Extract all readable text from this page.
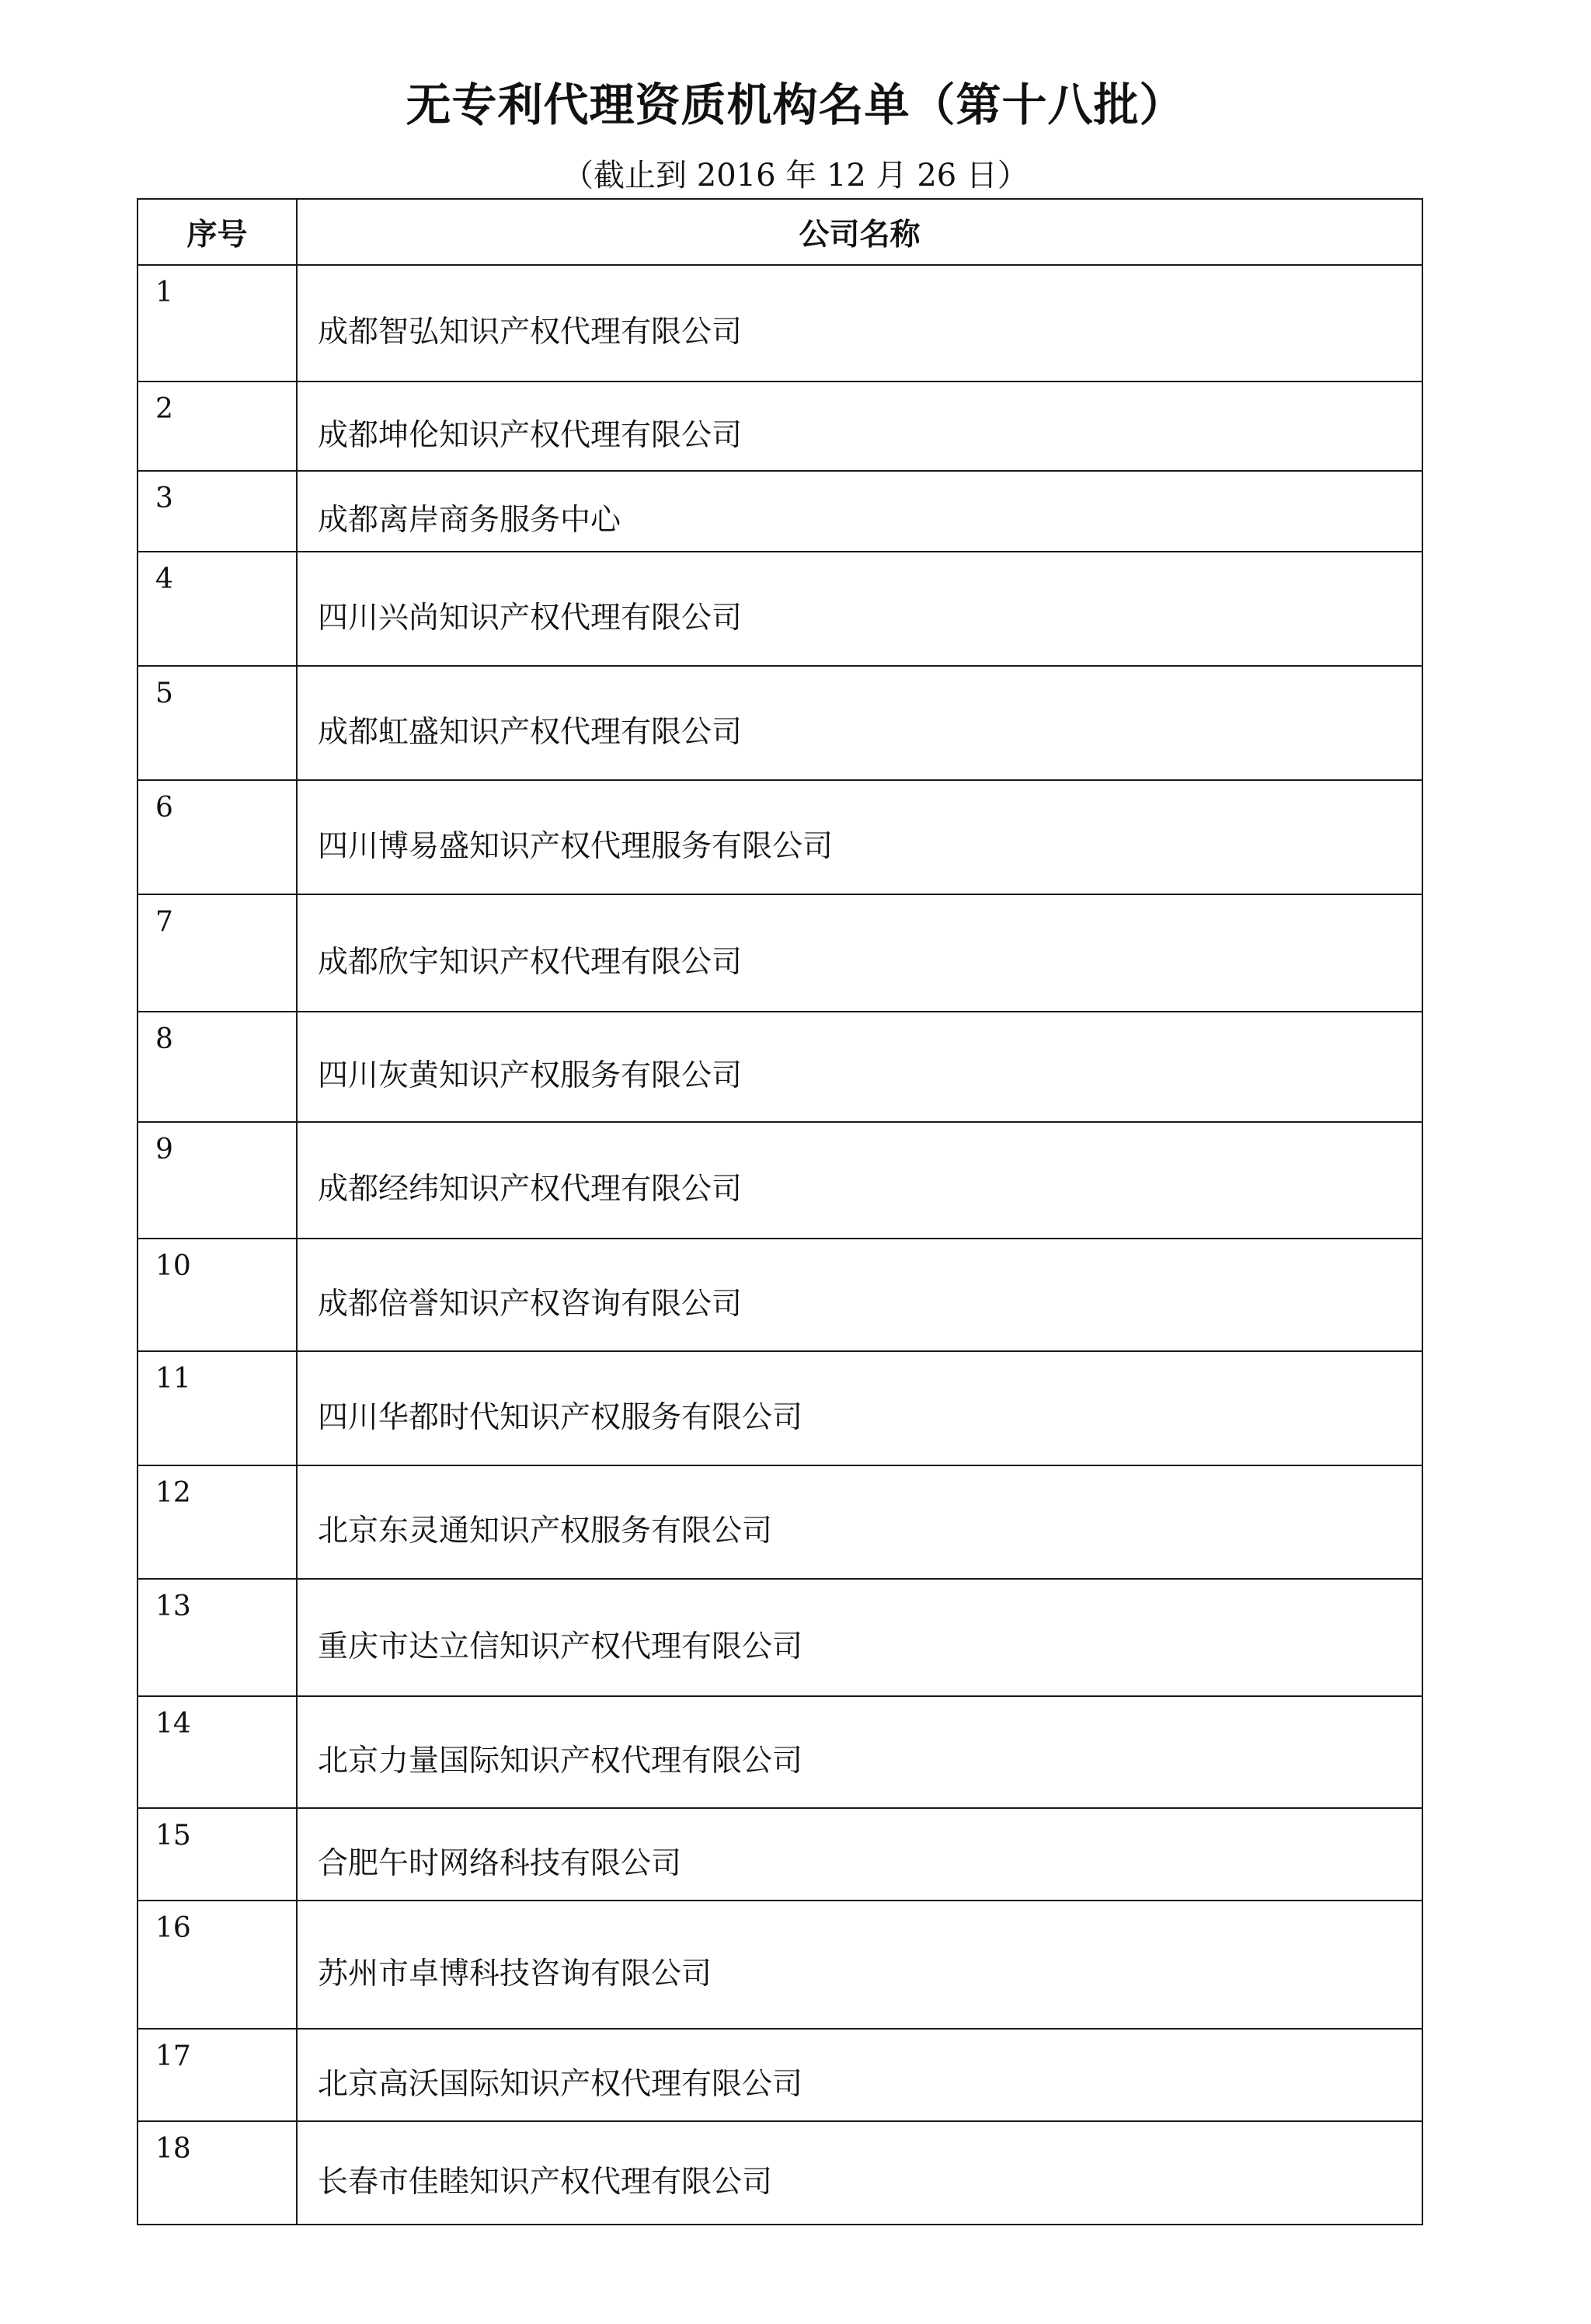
无专利代理资质机构名单（第十八批）
（截止到 2016 年 12 月 26 日）
序号	公司名称
1	成都智弘知识产权代理有限公司
2	成都坤伦知识产权代理有限公司
3	成都离岸商务服务中心
4	四川兴尚知识产权代理有限公司
5	成都虹盛知识产权代理有限公司
6	四川博易盛知识产权代理服务有限公司
7	成都欣宇知识产权代理有限公司
8	四川灰黄知识产权服务有限公司
9	成都经纬知识产权代理有限公司
10	成都倍誉知识产权咨询有限公司
11	四川华都时代知识产权服务有限公司
12	北京东灵通知识产权服务有限公司
13	重庆市达立信知识产权代理有限公司
14	北京力量国际知识产权代理有限公司
15	合肥午时网络科技有限公司
16	苏州市卓博科技咨询有限公司
17	北京高沃国际知识产权代理有限公司
18	长春市佳睦知识产权代理有限公司
